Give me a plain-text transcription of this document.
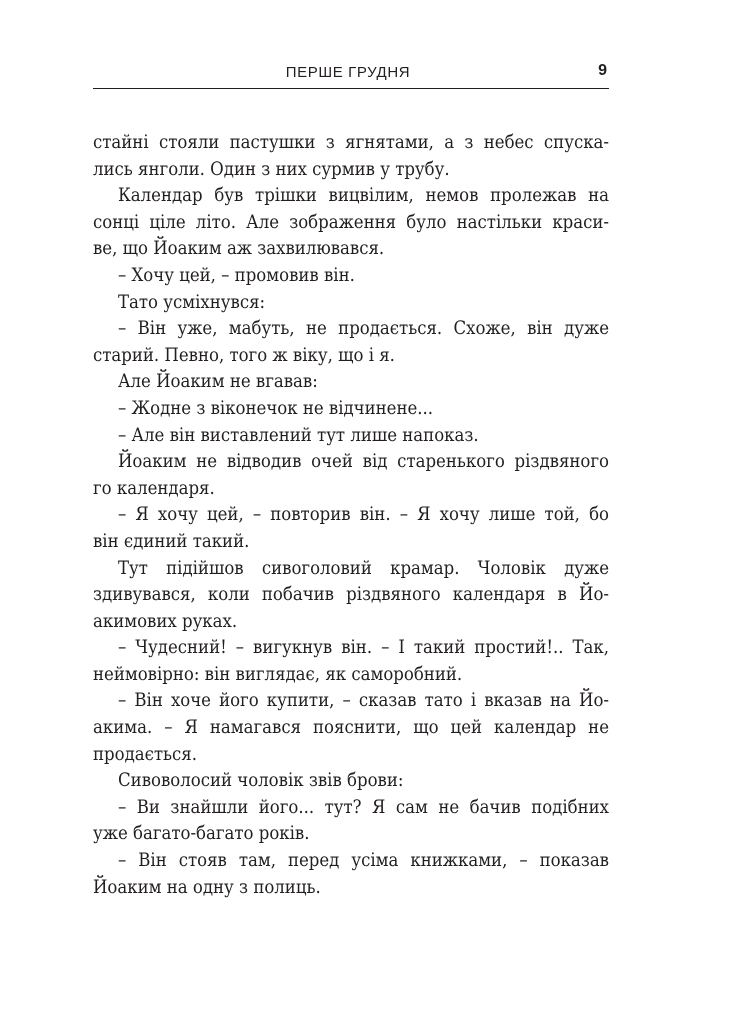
ПЕРШЕ ГРУДНЯ	9
стайні стояли пастушки з ягнятами, а з небес спуска-
лись янголи. Один з них сурмив у трубу.
Календар був трішки вицвілим, немов пролежав на
сонці ціле літо. Але зображення було настільки краси-
ве, що Йоаким аж захвилювався.
– Хочу цей, – промовив він.
Тато усміхнувся:
– Він уже, мабуть, не продається. Схоже, він дуже
старий. Певно, того ж віку, що і я.
Але Йоаким не вгавав:
– Жодне з віконечок не відчинене...
– Але він виставлений тут лише напоказ.
Йоаким не відводив очей від старенького різдвяного
го календаря.
– Я хочу цей, – повторив він. – Я хочу лише той, бо
він єдиний такий.
Тут підійшов сивоголовий крамар. Чоловік дуже
здивувався, коли побачив різдвяного календаря в Йо-
акимових руках.
– Чудесний! – вигукнув він. – І такий простий!.. Так,
неймовірно: він виглядає, як саморобний.
– Він хоче його купити, – сказав тато і вказав на Йо-
акима. – Я намагався пояснити, що цей календар не
продається.
Сивоволосий чоловік звів брови:
– Ви знайшли його... тут? Я сам не бачив подібних
уже багато-багато років.
– Він стояв там, перед усіма книжками, – показав
Йоаким на одну з полиць.
